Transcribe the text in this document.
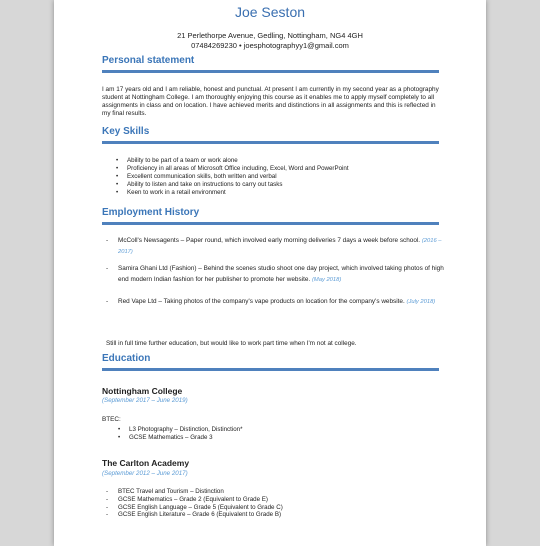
Joe Seston
21 Perlethorpe Avenue, Gedling, Nottingham, NG4 4GH
07484269230 • joesphotographyy1@gmail.com
Personal statement
I am 17 years old and I am reliable, honest and punctual. At present I am currently in my second year as a photography student at Nottingham College. I am thoroughly enjoying this course as it enables me to apply myself completely to all assignments in class and on location. I have achieved merits and distinctions in all assignments and this is reflected in my final results.
Key Skills
• Ability to be part of a team or work alone
• Proficiency in all areas of Microsoft Office including, Excel, Word and PowerPoint
• Excellent communication skills, both written and verbal
• Ability to listen and take on instructions to carry out tasks
• Keen to work in a retail environment
Employment History
-	McColl's Newsagents – Paper round, which involved early morning deliveries 7 days a week before school. (2016 – 2017)
-	Samira Ghani Ltd (Fashion) – Behind the scenes studio shoot one day project, which involved taking photos of high end modern Indian fashion for her publisher to promote her website. (May 2018)
-	Red Vape Ltd – Taking photos of the company's vape products on location for the company's website. (July 2018)
Still in full time further education, but would like to work part time when I'm not at college.
Education
Nottingham College
(September 2017 – June 2019)
BTEC:
• L3 Photography – Distinction, Distinction*
• GCSE Mathematics – Grade 3
The Carlton Academy
(September 2012 – June 2017)
- BTEC Travel and Tourism – Distinction
- GCSE Mathematics – Grade 2 (Equivalent to Grade E)
- GCSE English Language – Grade 5 (Equivalent to Grade C)
- GCSE English Literature – Grade 6 (Equivalent to Grade B)
